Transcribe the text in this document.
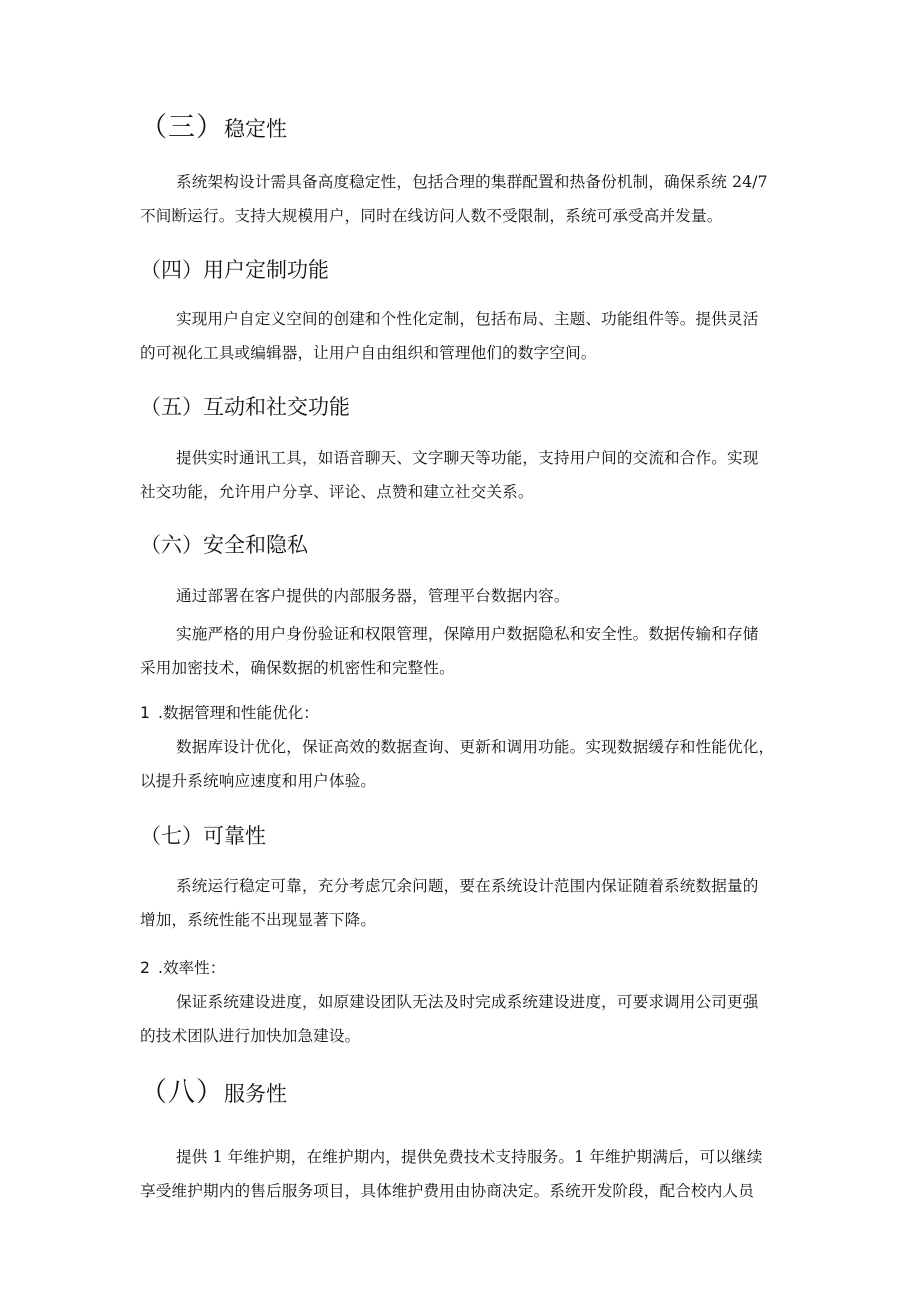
（三）稳定性
系统架构设计需具备高度稳定性，包括合理的集群配置和热备份机制，确保系统 24/7
不间断运行。支持大规模用户，同时在线访问人数不受限制，系统可承受高并发量。
（四）用户定制功能
实现用户自定义空间的创建和个性化定制，包括布局、主题、功能组件等。提供灵活
的可视化工具或编辑器，让用户自由组织和管理他们的数字空间。
（五）互动和社交功能
提供实时通讯工具，如语音聊天、文字聊天等功能，支持用户间的交流和合作。实现
社交功能，允许用户分享、评论、点赞和建立社交关系。
（六）安全和隐私
通过部署在客户提供的内部服务器，管理平台数据内容。
实施严格的用户身份验证和权限管理，保障用户数据隐私和安全性。数据传输和存储
采用加密技术，确保数据的机密性和完整性。
1 .数据管理和性能优化：
数据库设计优化，保证高效的数据查询、更新和调用功能。实现数据缓存和性能优化，
以提升系统响应速度和用户体验。
（七）可靠性
系统运行稳定可靠，充分考虑冗余问题，要在系统设计范围内保证随着系统数据量的
增加，系统性能不出现显著下降。
2 .效率性：
保证系统建设进度，如原建设团队无法及时完成系统建设进度，可要求调用公司更强
的技术团队进行加快加急建设。
（八）服务性
提供 1 年维护期，在维护期内，提供免费技术支持服务。1 年维护期满后，可以继续
享受维护期内的售后服务项目，具体维护费用由协商决定。系统开发阶段，配合校内人员
